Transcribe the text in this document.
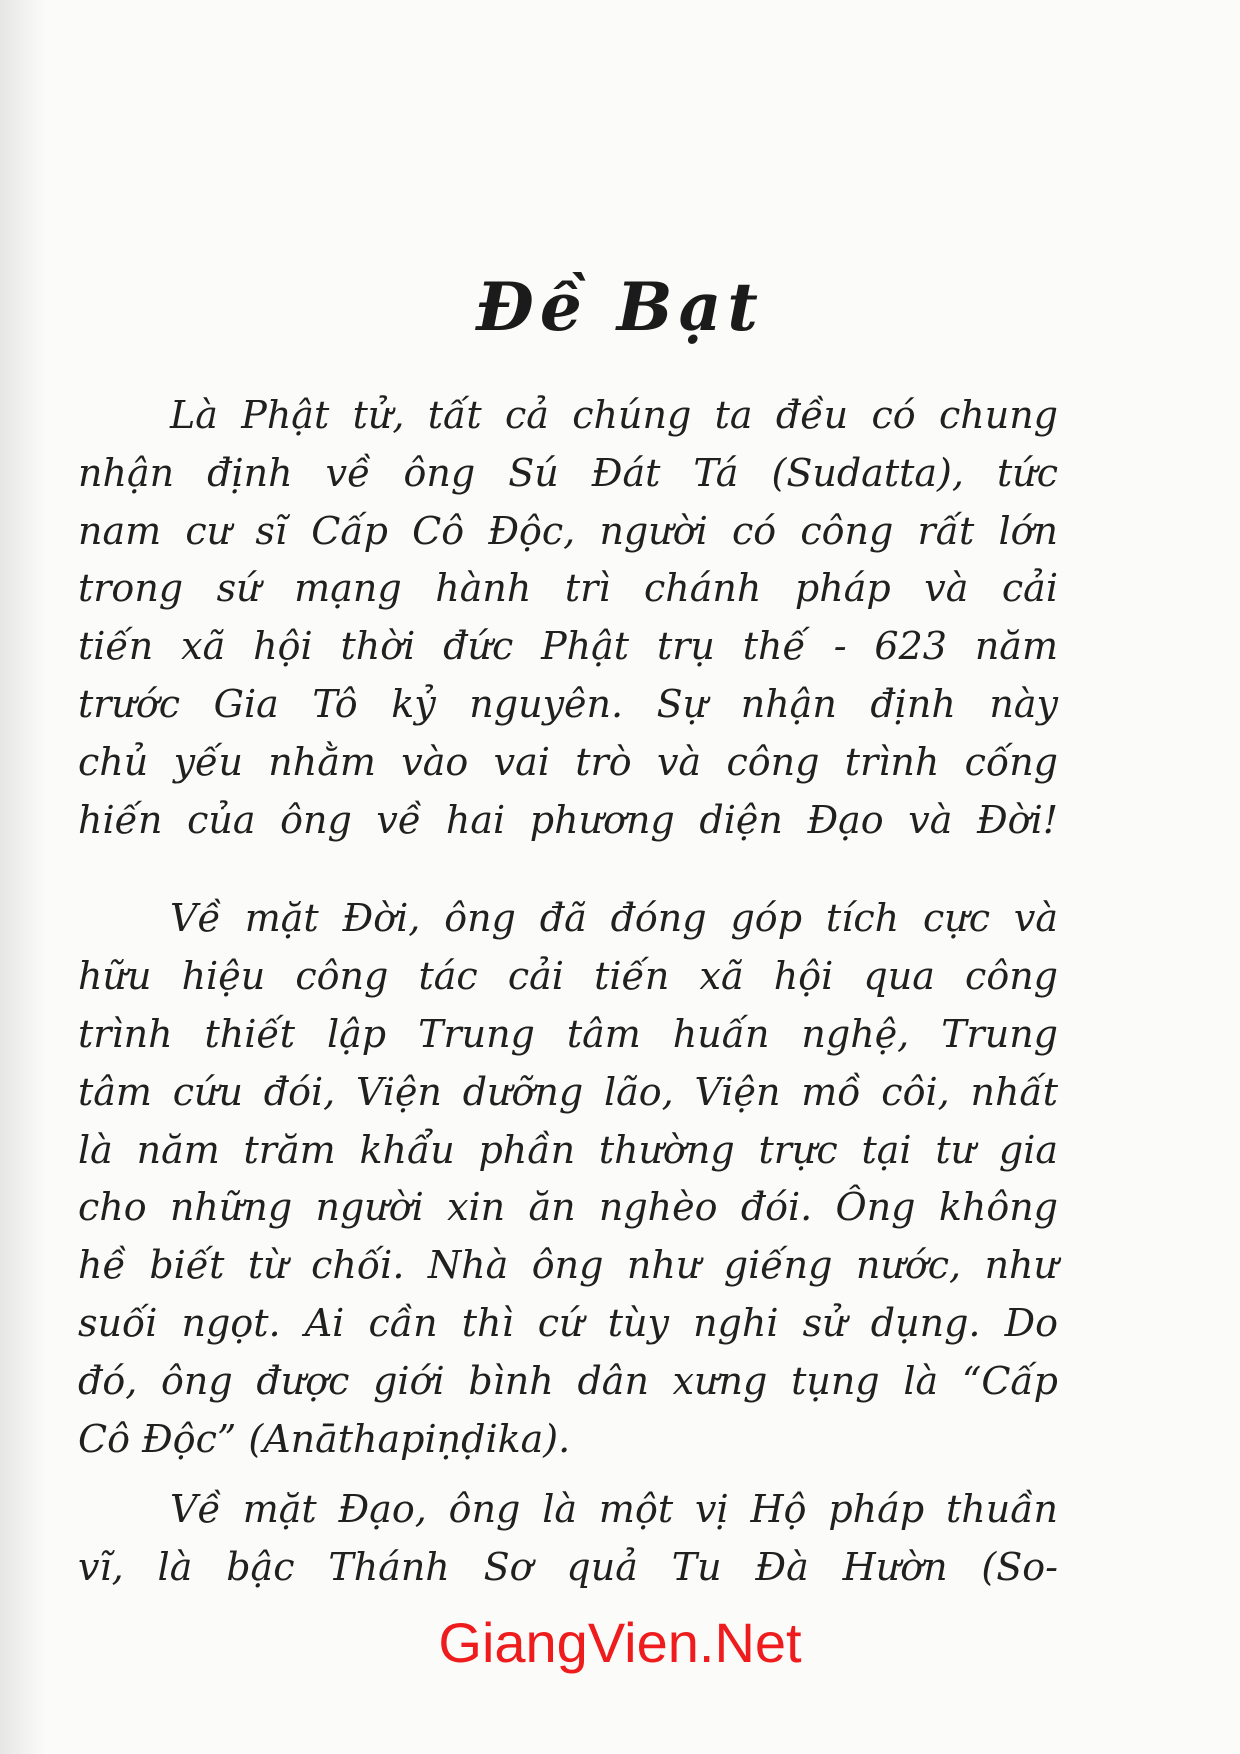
Đề Bạt
Là Phật tử, tất cả chúng ta đều có chung
nhận định về ông Sú Đát Tá (Sudatta), tức
nam cư sĩ Cấp Cô Độc, người có công rất lớn
trong sứ mạng hành trì chánh pháp và cải
tiến xã hội thời đức Phật trụ thế - 623 năm
trước Gia Tô kỷ nguyên. Sự nhận định này
chủ yếu nhằm vào vai trò và công trình cống
hiến của ông về hai phương diện Đạo và Đời!
Về mặt Đời, ông đã đóng góp tích cực và
hữu hiệu công tác cải tiến xã hội qua công
trình thiết lập Trung tâm huấn nghệ, Trung
tâm cứu đói, Viện dưỡng lão, Viện mồ côi, nhất
là năm trăm khẩu phần thường trực tại tư gia
cho những người xin ăn nghèo đói. Ông không
hề biết từ chối. Nhà ông như giếng nước, như
suối ngọt. Ai cần thì cứ tùy nghi sử dụng. Do
đó, ông được giới bình dân xưng tụng là “Cấp
Cô Độc” (Anāthapiṇḍika).
Về mặt Đạo, ông là một vị Hộ pháp thuần
vĩ, là bậc Thánh Sơ quả Tu Đà Hườn (So-
GiangVien.Net
